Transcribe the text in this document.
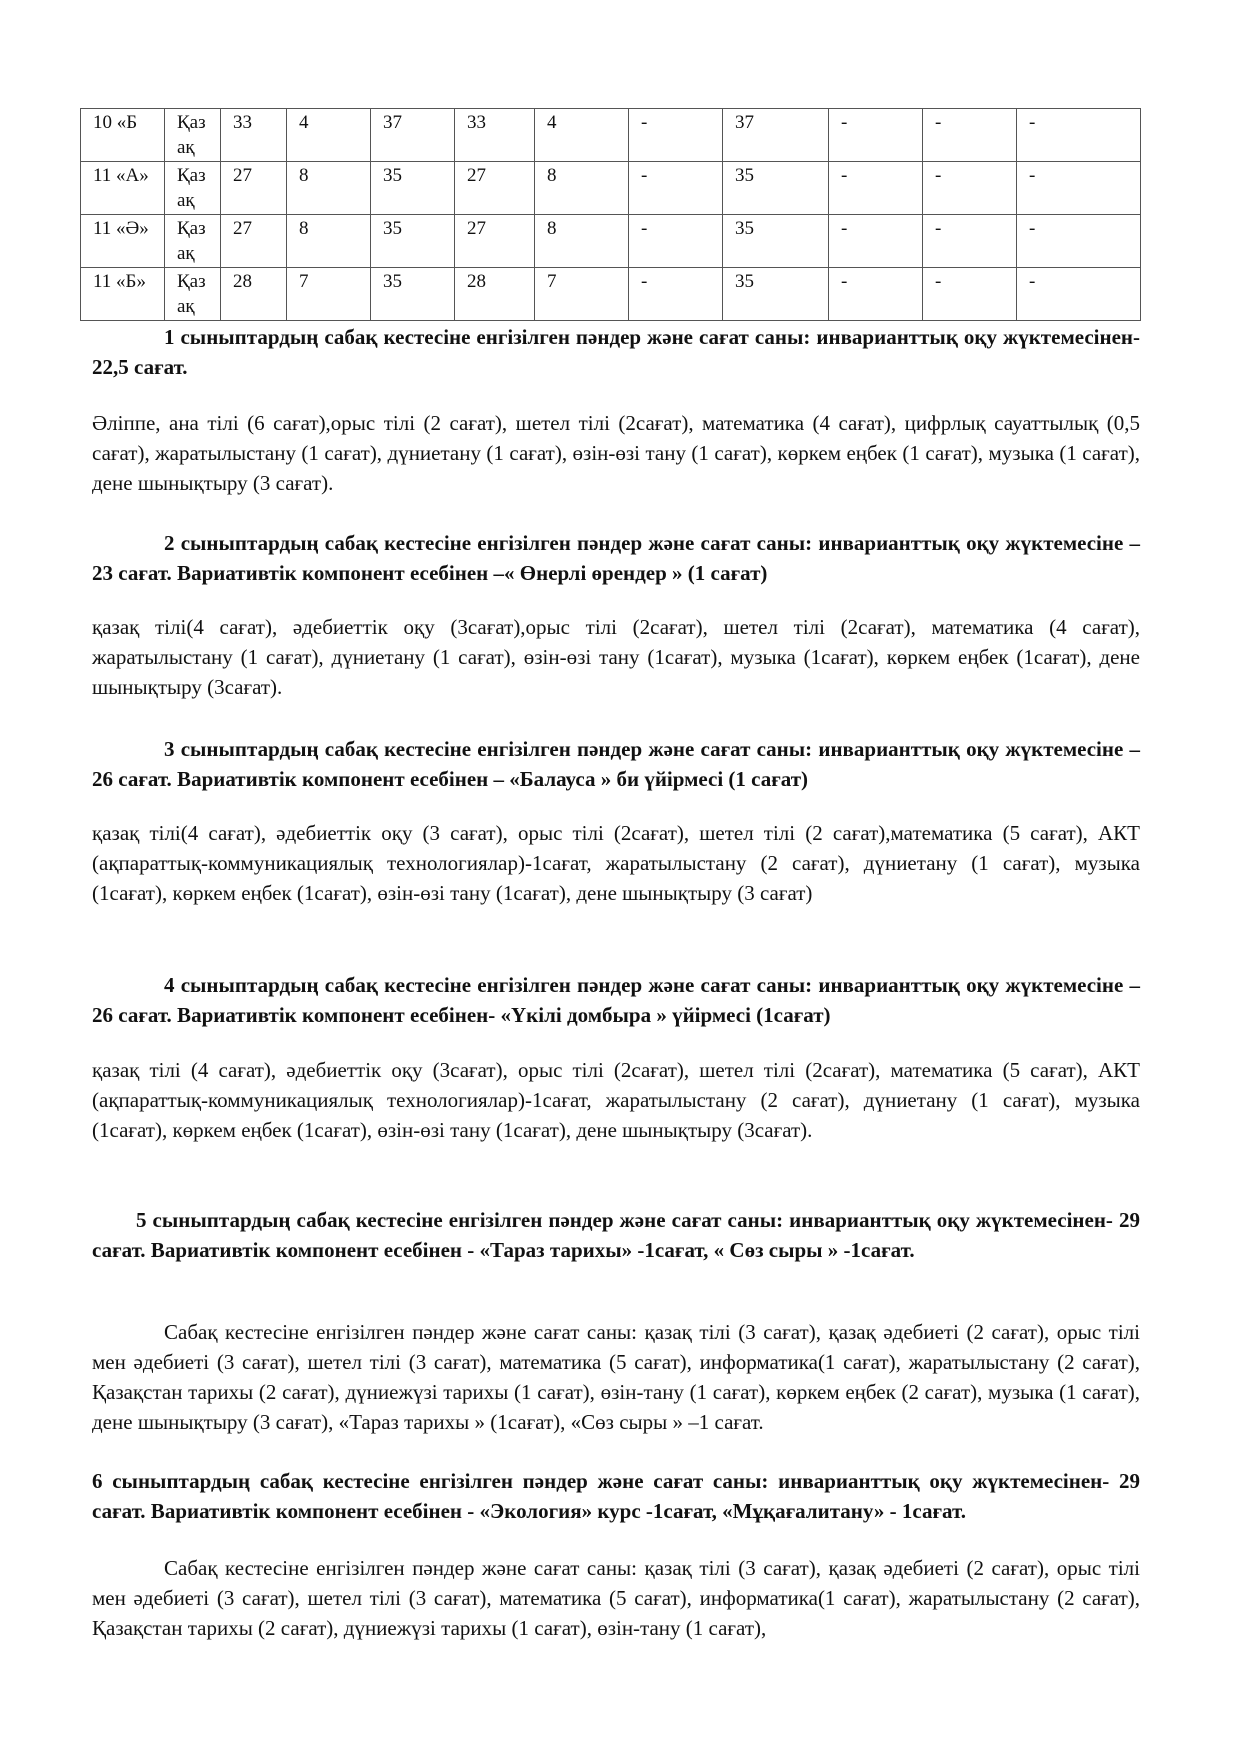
10 «Б	Қаз ақ	33	4	37	33	4	-	37	-	-	-
11 «А»	Қаз ақ	27	8	35	27	8	-	35	-	-	-
11 «Ә»	Қаз ақ	27	8	35	27	8	-	35	-	-	-
11 «Б»	Қаз ақ	28	7	35	28	7	-	35	-	-	-
1 сыныптардың сабақ кестесіне енгізілген пәндер және сағат саны: инварианттық оқу жүктемесінен- 22,5 сағат.
Әліппе, ана тілі (6 сағат),орыс тілі (2 сағат), шетел тілі (2сағат), математика (4 сағат), цифрлық сауаттылық (0,5 сағат), жаратылыстану (1 сағат), дүниетану (1 сағат), өзін-өзі тану (1 сағат), көркем еңбек (1 сағат), музыка (1 сағат), дене шынықтыру (3 сағат).
2 сыныптардың сабақ кестесіне енгізілген пәндер және сағат саны: инварианттық оқу жүктемесіне – 23 сағат. Вариативтік компонент есебінен –« Өнерлі өрендер » (1 сағат)
қазақ тілі(4 сағат), әдебиеттік оқу (3сағат),орыс тілі (2сағат), шетел тілі (2сағат), математика (4 сағат), жаратылыстану (1 сағат), дүниетану (1 сағат), өзін-өзі тану (1сағат), музыка (1сағат), көркем еңбек (1сағат), дене шынықтыру (3сағат).
3 сыныптардың сабақ кестесіне енгізілген пәндер және сағат саны: инварианттық оқу жүктемесіне – 26 сағат. Вариативтік компонент есебінен – «Балауса » би үйірмесі (1 сағат)
қазақ тілі(4 сағат), әдебиеттік оқу (3 сағат), орыс тілі (2сағат), шетел тілі (2 сағат),математика (5 сағат), АКТ (ақпараттық-коммуникациялық технологиялар)-1сағат, жаратылыстану (2 сағат), дүниетану (1 сағат), музыка (1сағат), көркем еңбек (1сағат), өзін-өзі тану (1сағат), дене шынықтыру (3 сағат)
4 сыныптардың сабақ кестесіне енгізілген пәндер және сағат саны: инварианттық оқу жүктемесіне – 26 сағат. Вариативтік компонент есебінен- «Үкілі домбыра » үйірмесі (1сағат)
қазақ тілі (4 сағат), әдебиеттік оқу (3сағат), орыс тілі (2сағат), шетел тілі (2сағат), математика (5 сағат), АКТ (ақпараттық-коммуникациялық технологиялар)-1сағат, жаратылыстану (2 сағат), дүниетану (1 сағат), музыка (1сағат), көркем еңбек (1сағат), өзін-өзі тану (1сағат), дене шынықтыру (3сағат).
5 сыныптардың сабақ кестесіне енгізілген пәндер және сағат саны: инварианттық оқу жүктемесінен- 29 сағат. Вариативтік компонент есебінен - «Тараз тарихы» -1сағат, « Сөз сыры » -1сағат.
Сабақ кестесіне енгізілген пәндер және сағат саны: қазақ тілі (3 сағат), қазақ әдебиеті (2 сағат), орыс тілі мен әдебиеті (3 сағат), шетел тілі (3 сағат), математика (5 сағат), информатика(1 сағат), жаратылыстану (2 сағат), Қазақстан тарихы (2 сағат), дүниежүзі тарихы (1 сағат), өзін-тану (1 сағат), көркем еңбек (2 сағат), музыка (1 сағат), дене шынықтыру (3 сағат), «Тараз тарихы » (1сағат), «Сөз сыры » –1 сағат.
6 сыныптардың сабақ кестесіне енгізілген пәндер және сағат саны: инварианттық оқу жүктемесінен- 29 сағат. Вариативтік компонент есебінен - «Экология» курс -1сағат, «Мұқағалитану» - 1сағат.
Сабақ кестесіне енгізілген пәндер және сағат саны: қазақ тілі (3 сағат), қазақ әдебиеті (2 сағат), орыс тілі мен әдебиеті (3 сағат), шетел тілі (3 сағат), математика (5 сағат), информатика(1 сағат), жаратылыстану (2 сағат), Қазақстан тарихы (2 сағат), дүниежүзі тарихы (1 сағат), өзін-тану (1 сағат),
